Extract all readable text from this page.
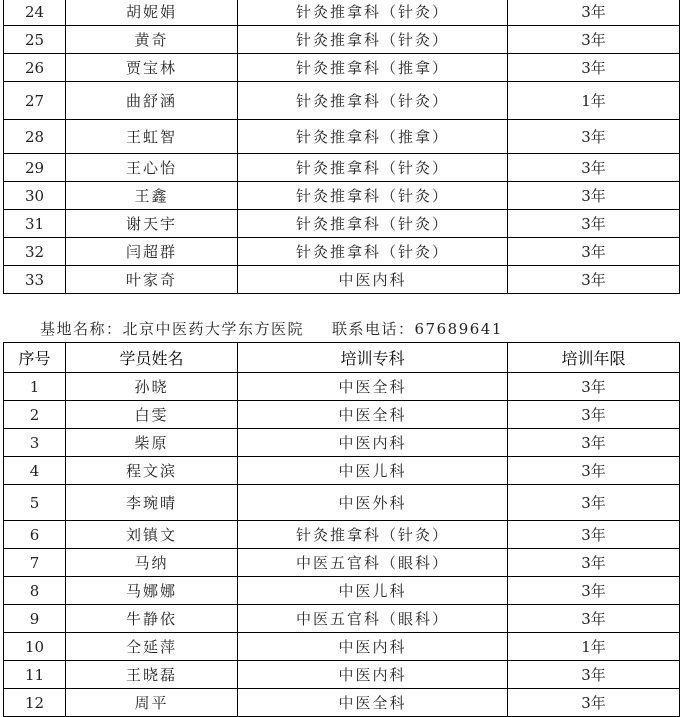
24	胡妮娟	针灸推拿科（针灸）	3年
25	黄奇	针灸推拿科（针灸）	3年
26	贾宝林	针灸推拿科（推拿）	3年
27	曲舒涵	针灸推拿科（针灸）	1年
28	王虹智	针灸推拿科（推拿）	3年
29	王心怡	针灸推拿科（针灸）	3年
30	王鑫	针灸推拿科（针灸）	3年
31	谢天宇	针灸推拿科（针灸）	3年
32	闫超群	针灸推拿科（针灸）	3年
33	叶家奇	中医内科	3年
基地名称：北京中医药大学东方医院 联系电话：67689641
序号	学员姓名	培训专科	培训年限
1	孙晓	中医全科	3年
2	白雯	中医全科	3年
3	柴原	中医内科	3年
4	程文滨	中医儿科	3年
5	李琬晴	中医外科	3年
6	刘镇文	针灸推拿科（针灸）	3年
7	马纳	中医五官科（眼科）	3年
8	马娜娜	中医儿科	3年
9	牛静依	中医五官科（眼科）	3年
10	仝延萍	中医内科	1年
11	王晓磊	中医内科	3年
12	周平	中医全科	3年
